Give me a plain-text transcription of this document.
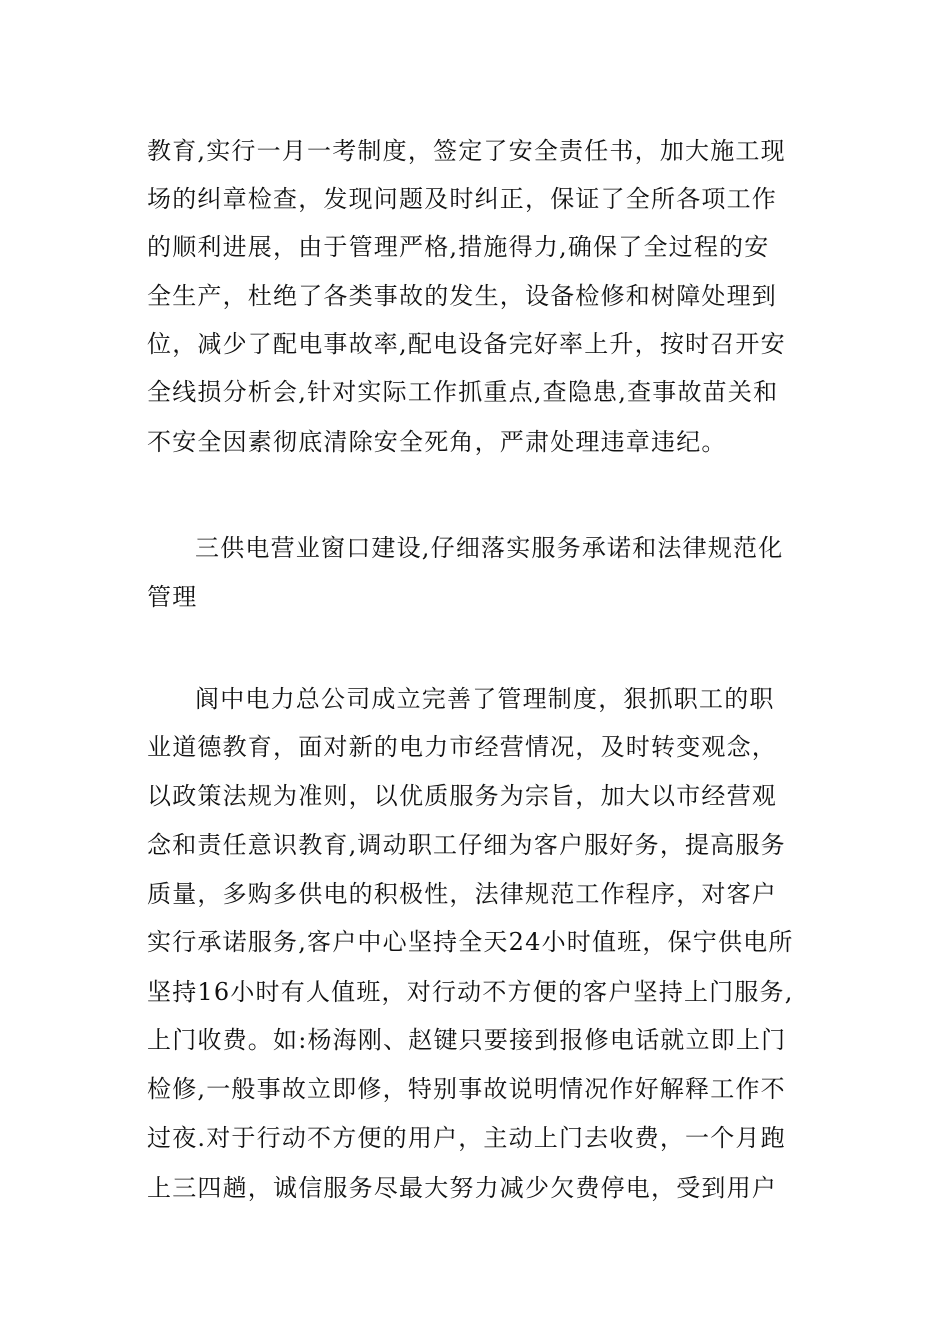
教育,实行一月一考制度，签定了安全责任书，加大施工现

场的纠章检查，发现问题及时纠正，保证了全所各项工作

的顺利进展，由于管理严格,措施得力,确保了全过程的安

全生产，杜绝了各类事故的发生，设备检修和树障处理到

位，减少了配电事故率,配电设备完好率上升，按时召开安

全线损分析会,针对实际工作抓重点,查隐患,查事故苗关和

不安全因素彻底清除安全死角，严肃处理违章违纪。

三供电营业窗口建设,仔细落实服务承诺和法律规范化

管理

阆中电力总公司成立完善了管理制度，狠抓职工的职

业道德教育，面对新的电力市经营情况，及时转变观念，

以政策法规为准则，以优质服务为宗旨，加大以市经营观

念和责任意识教育,调动职工仔细为客户服好务，提高服务

质量，多购多供电的积极性，法律规范工作程序，对客户

实行承诺服务,客户中心坚持全天24小时值班，保宁供电所

坚持16小时有人值班，对行动不方便的客户坚持上门服务,

上门收费。如:杨海刚、赵键只要接到报修电话就立即上门

检修,一般事故立即修，特别事故说明情况作好解释工作不

过夜.对于行动不方便的用户，主动上门去收费，一个月跑

上三四趟，诚信服务尽最大努力减少欠费停电，受到用户
